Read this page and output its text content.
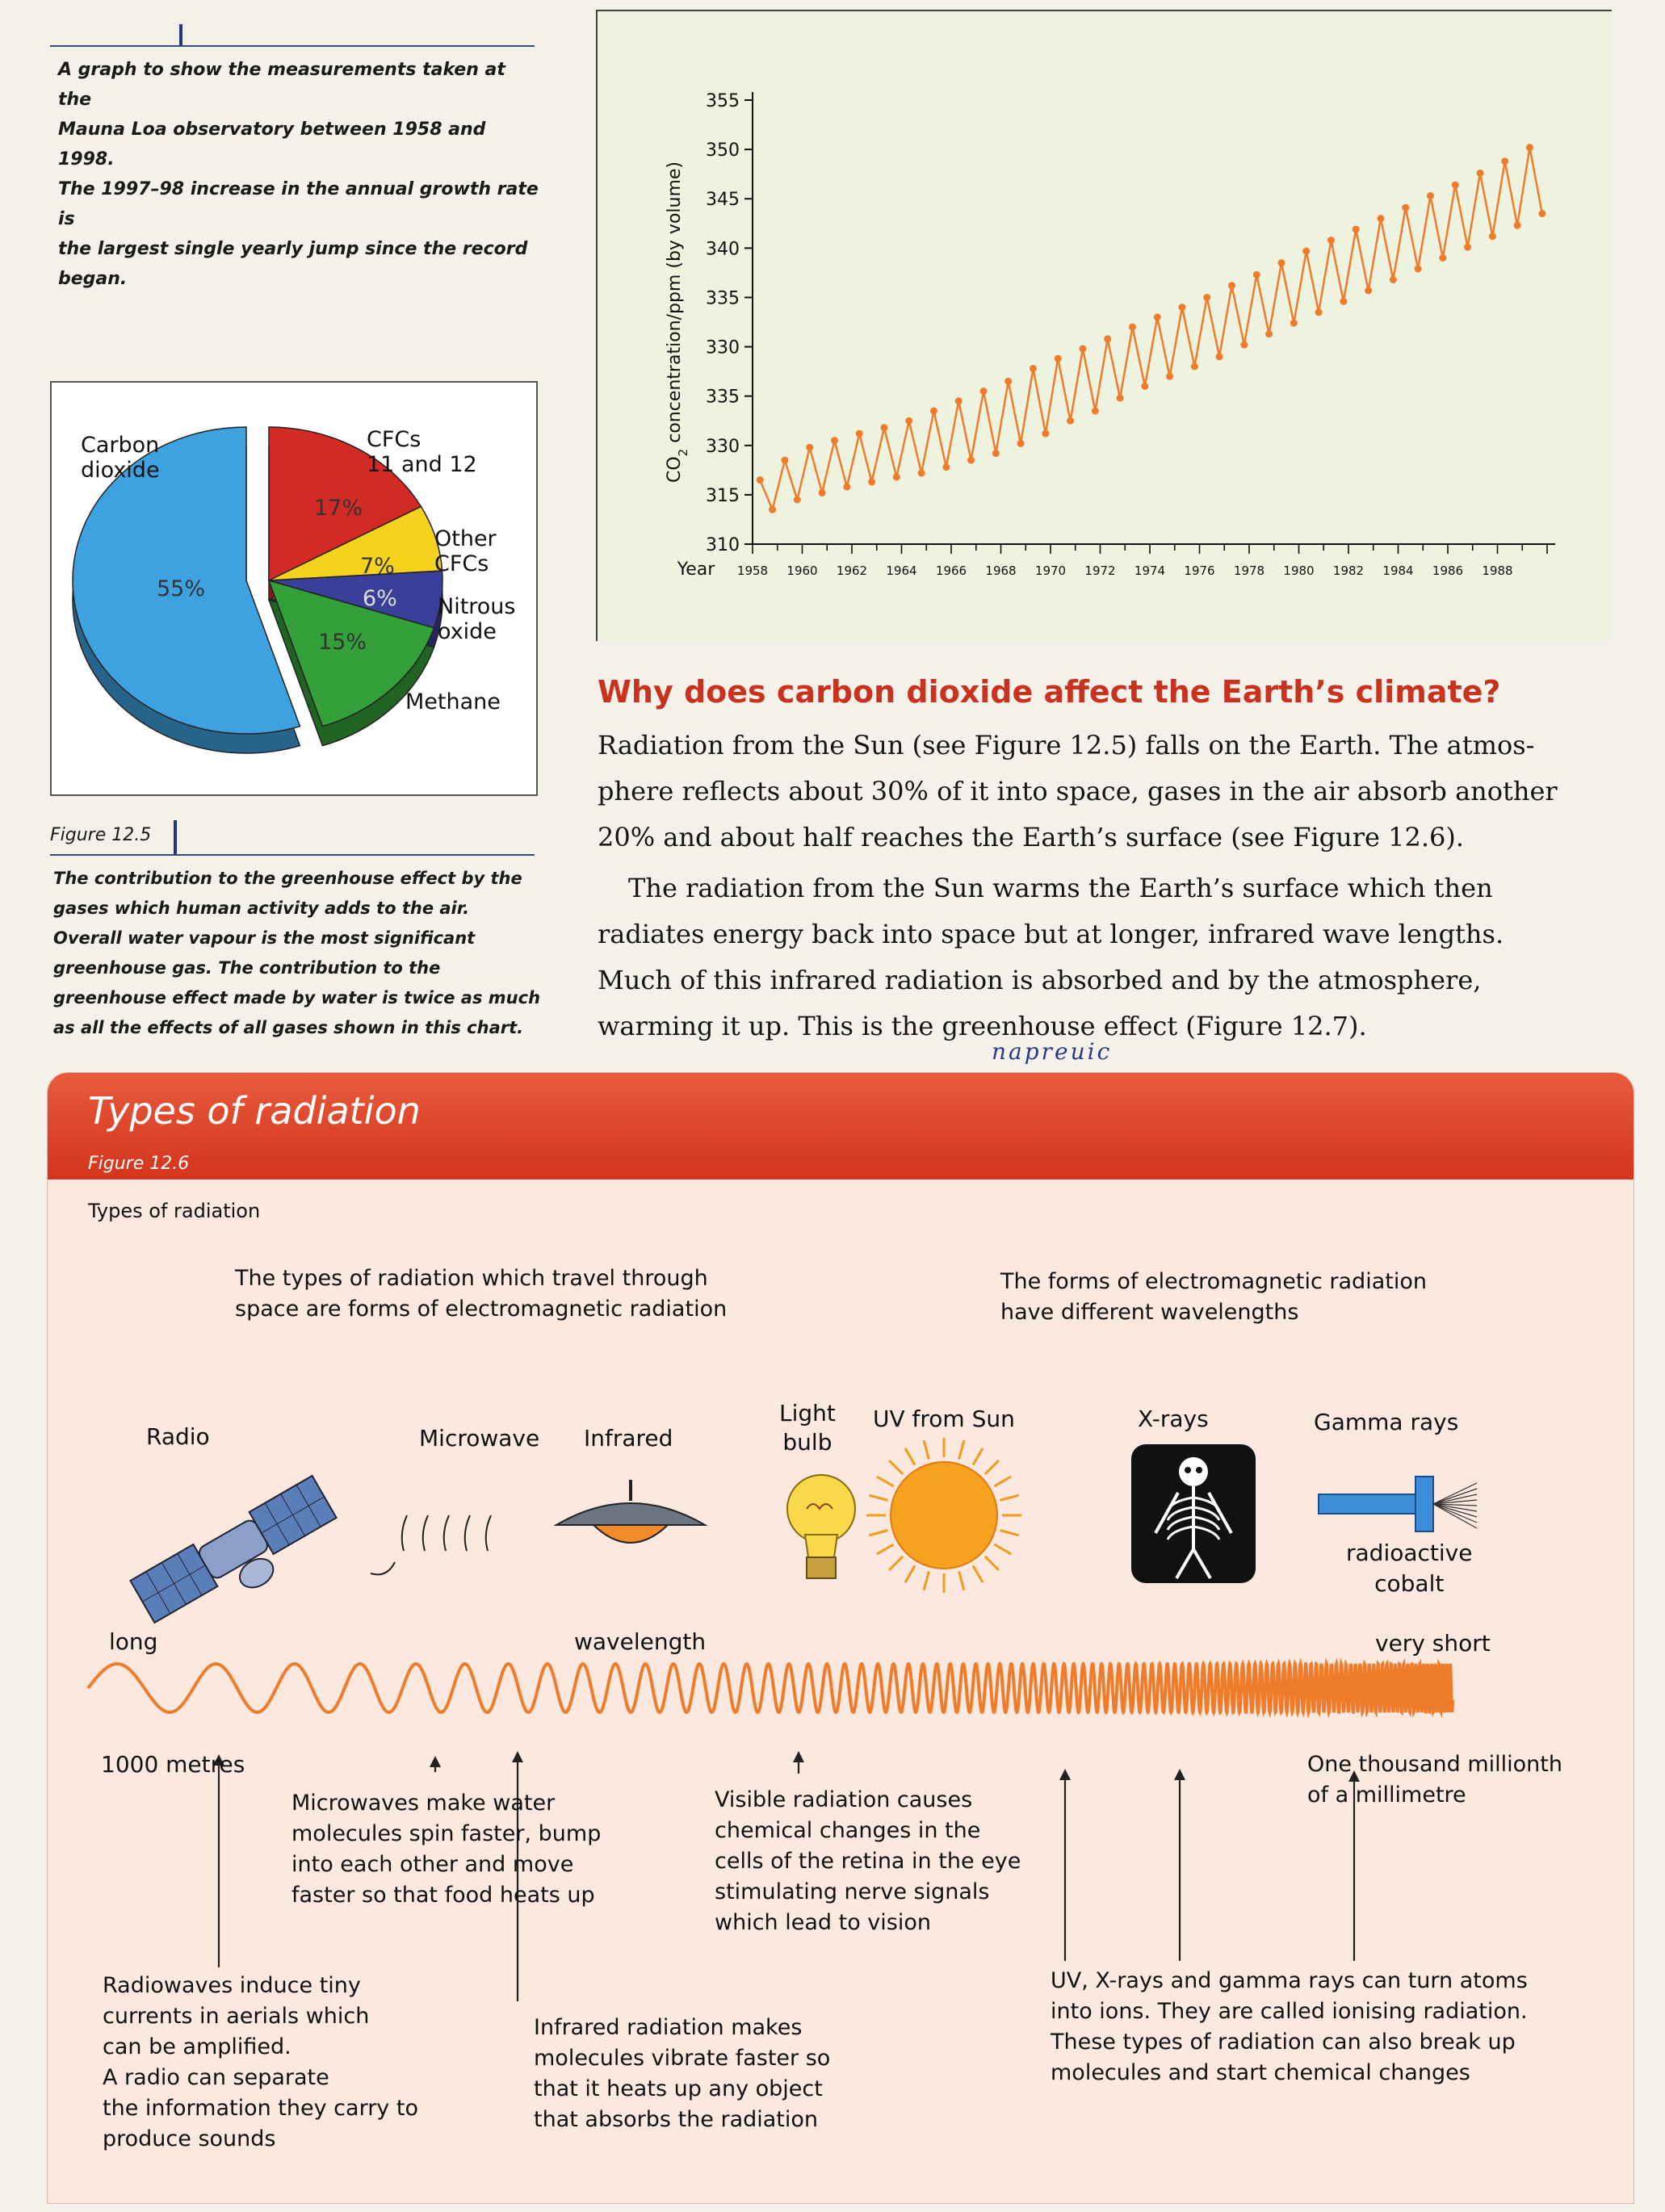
A graph to show the measurements taken at the
Mauna Loa observatory between 1958 and 1998.
The 1997–98 increase in the annual growth rate is
the largest single yearly jump since the record
began.
Carbon
dioxide
CFCs
11 and 12
Other
CFCs
Nitrous
oxide
Methane
55%
17%
7%
6%
15%
Figure 12.5
The contribution to the greenhouse effect by the
gases which human activity adds to the air.
Overall water vapour is the most significant
greenhouse gas. The contribution to the
greenhouse effect made by water is twice as much
as all the effects of all gases shown in this chart.
355
350
345
340
335
330
335
330
315
310
1958 1960 1962 1964 1966 1968 1970 1972 1974 1976 1978 1980 1982 1984 1986 1988
Year
$CO_2$ concentration/ppm (by volume)
Why does carbon dioxide affect the Earth’s climate?
Radiation from the Sun (see Figure 12.5) falls on the Earth. The atmos-
phere reflects about 30% of it into space, gases in the air absorb another
20% and about half reaches the Earth’s surface (see Figure 12.6).
The radiation from the Sun warms the Earth’s surface which then
radiates energy back into space but at longer, infrared wave lengths.
Much of this infrared radiation is absorbed and by the atmosphere,
warming it up. This is the greenhouse effect (Figure 12.7).
napreuic
Types of radiation
Figure 12.6
Types of radiation
The types of radiation which travel through
space are forms of electromagnetic radiation
The forms of electromagnetic radiation
have different wavelengths
Radio	Microwave Infrared
Light
bulb
UV from Sun	X-rays	Gamma rays
radioactive
cobalt
long	wavelength	very short
1000 metres	One thousand millionth
of a millimetre
Microwaves make water
molecules spin faster, bump
into each other and move
faster so that food heats up
Visible radiation causes
chemical changes in the
cells of the retina in the eye
stimulating nerve signals
which lead to vision
Radiowaves induce tiny
currents in aerials which
can be amplified.
A radio can separate
the information they carry to
produce sounds
Infrared radiation makes
molecules vibrate faster so
that it heats up any object
that absorbs the radiation
UV, X-rays and gamma rays can turn atoms
into ions. They are called ionising radiation.
These types of radiation can also break up
molecules and start chemical changes
